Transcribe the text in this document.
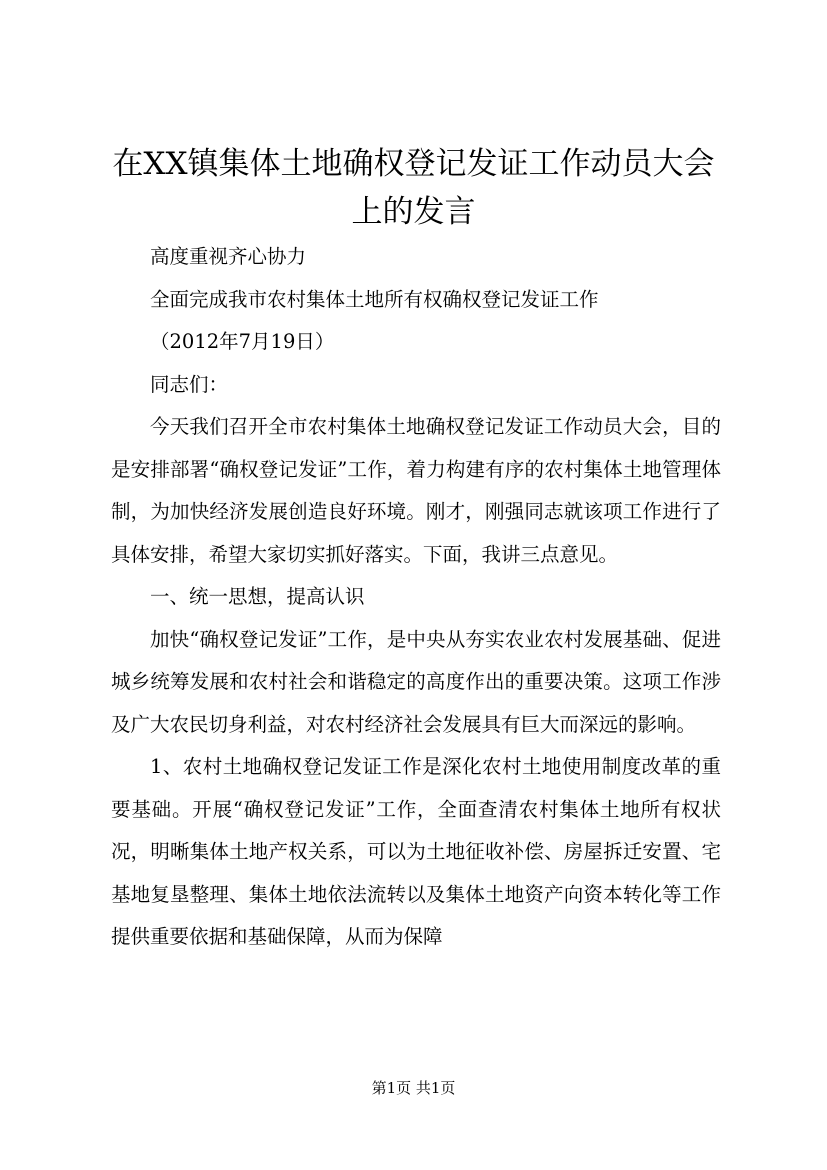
在XX镇集体土地确权登记发证工作动员大会上的发言

高度重视齐心协力

全面完成我市农村集体土地所有权确权登记发证工作

（2012年7月19日）

同志们：

今天我们召开全市农村集体土地确权登记发证工作动员大会，目的是安排部署“确权登记发证”工作，着力构建有序的农村集体土地管理体制，为加快经济发展创造良好环境。刚才，刚强同志就该项工作进行了具体安排，希望大家切实抓好落实。下面，我讲三点意见。

一、统一思想，提高认识

加快“确权登记发证”工作，是中央从夯实农业农村发展基础、促进城乡统筹发展和农村社会和谐稳定的高度作出的重要决策。这项工作涉及广大农民切身利益，对农村经济社会发展具有巨大而深远的影响。

1、农村土地确权登记发证工作是深化农村土地使用制度改革的重要基础。开展“确权登记发证”工作，全面查清农村集体土地所有权状况，明晰集体土地产权关系，可以为土地征收补偿、房屋拆迁安置、宅基地复垦整理、集体土地依法流转以及集体土地资产向资本转化等工作提供重要依据和基础保障，从而为保障

第1页 共1页
